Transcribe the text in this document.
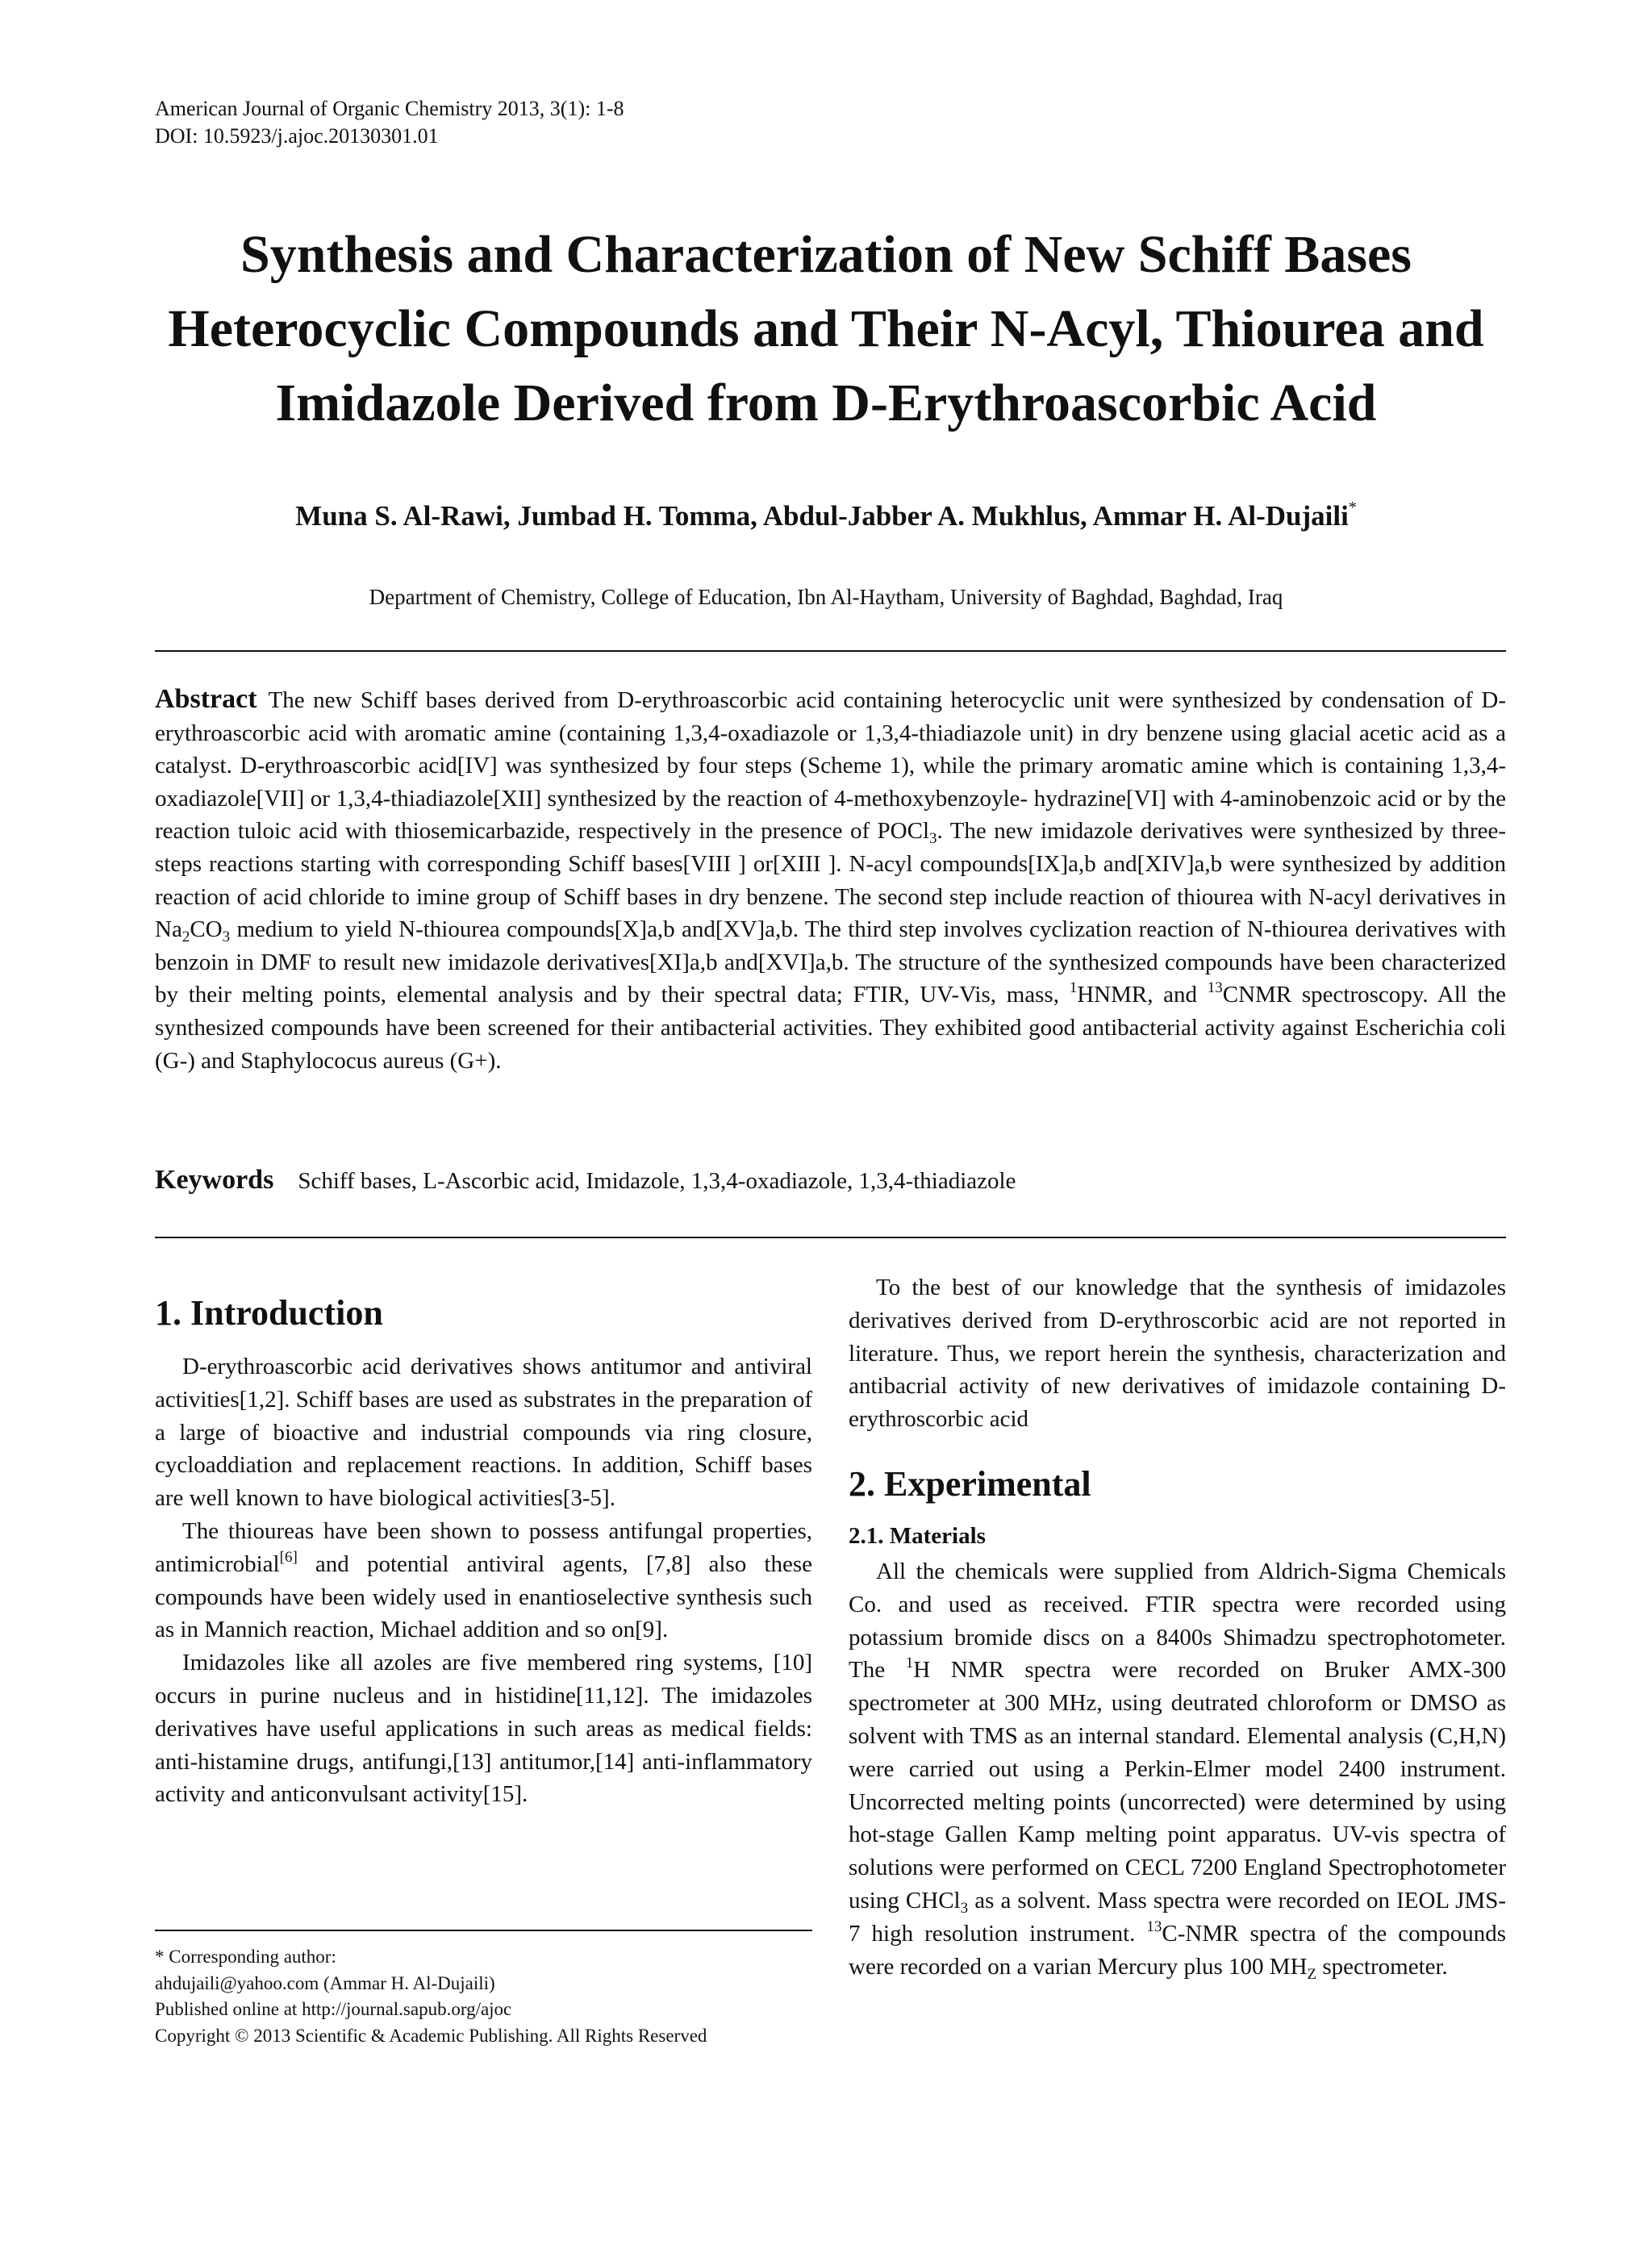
American Journal of Organic Chemistry 2013, 3(1): 1-8
DOI: 10.5923/j.ajoc.20130301.01
Synthesis and Characterization of New Schiff Bases
Heterocyclic Compounds and Their N-Acyl, Thiourea and
Imidazole Derived from D-Erythroascorbic Acid
Muna S. Al-Rawi, Jumbad H. Tomma, Abdul-Jabber A. Mukhlus, Ammar H. Al-Dujaili*
Department of Chemistry, College of Education, Ibn Al-Haytham, University of Baghdad, Baghdad, Iraq
Abstract The new Schiff bases derived from D-erythroascorbic acid containing heterocyclic unit were synthesized by condensation of D-erythroascorbic acid with aromatic amine (containing 1,3,4-oxadiazole or 1,3,4-thiadiazole unit) in dry benzene using glacial acetic acid as a catalyst. D-erythroascorbic acid[IV] was synthesized by four steps (Scheme 1), while the primary aromatic amine which is containing 1,3,4-oxadiazole[VII] or 1,3,4-thiadiazole[XII] synthesized by the reaction of 4-methoxybenzoyle- hydrazine[VI] with 4-aminobenzoic acid or by the reaction tuloic acid with thiosemicarbazide, respectively in the presence of POCl$_3$. The new imidazole derivatives were synthesized by three-steps reactions starting with corresponding Schiff bases[VIII ] or[XIII ]. N-acyl compounds[IX]a,b and[XIV]a,b were synthesized by addition reaction of acid chloride to imine group of Schiff bases in dry benzene. The second step include reaction of thiourea with N-acyl derivatives in $Na_2CO_3$ medium to yield N-thiourea compounds[X]a,b and[XV]a,b. The third step involves cyclization reaction of N-thiourea derivatives with benzoin in DMF to result new imidazole derivatives[XI]a,b and[XVI]a,b. The structure of the synthesized compounds have been characterized by their melting points, elemental analysis and by their spectral data; FTIR, UV-Vis, mass, $^1$HNMR, and $^{13}$CNMR spectroscopy. All the synthesized compounds have been screened for their antibacterial activities. They exhibited good antibacterial activity against Escherichia coli (G-) and Staphylococus aureus (G+).
Keywords Schiff bases, L-Ascorbic acid, Imidazole, 1,3,4-oxadiazole, 1,3,4-thiadiazole
1. Introduction

D-erythroascorbic acid derivatives shows antitumor and antiviral activities[1,2]. Schiff bases are used as substrates in the preparation of a large of bioactive and industrial compounds via ring closure, cycloaddiation and replacement reactions. In addition, Schiff bases are well known to have biological activities[3-5].

The thioureas have been shown to possess antifungal properties, antimicrobial[6] and potential antiviral agents, [7,8] also these compounds have been widely used in enantioselective synthesis such as in Mannich reaction, Michael addition and so on[9].

Imidazoles like all azoles are five membered ring systems, [10] occurs in purine nucleus and in histidine[11,12]. The imidazoles derivatives have useful applications in such areas as medical fields: anti-histamine drugs, antifungi,[13] antitumor,[14] anti-inflammatory activity and anticonvulsant activity[15].

* Corresponding author:
ahdujaili@yahoo.com (Ammar H. Al-Dujaili)
Published online at http://journal.sapub.org/ajoc
Copyright © 2013 Scientific & Academic Publishing. All Rights Reserved

To the best of our knowledge that the synthesis of imidazoles derivatives derived from D-erythroscorbic acid are not reported in literature. Thus, we report herein the synthesis, characterization and antibacrial activity of new derivatives of imidazole containing D-erythroscorbic acid

2. Experimental
2.1. Materials

All the chemicals were supplied from Aldrich-Sigma Chemicals Co. and used as received. FTIR spectra were recorded using potassium bromide discs on a 8400s Shimadzu spectrophotometer. The $^1$H NMR spectra were recorded on Bruker AMX-300 spectrometer at 300 MHz, using deutrated chloroform or DMSO as solvent with TMS as an internal standard. Elemental analysis (C,H,N) were carried out using a Perkin-Elmer model 2400 instrument. Uncorrected melting points (uncorrected) were determined by using hot-stage Gallen Kamp melting point apparatus. UV-vis spectra of solutions were performed on CECL 7200 England Spectrophotometer using CHCl$_3$ as a solvent. Mass spectra were recorded on IEOL JMS-7 high resolution instrument. $^{13}$C-NMR spectra of the compounds were recorded on a varian Mercury plus 100 $MH_Z$ spectrometer.
